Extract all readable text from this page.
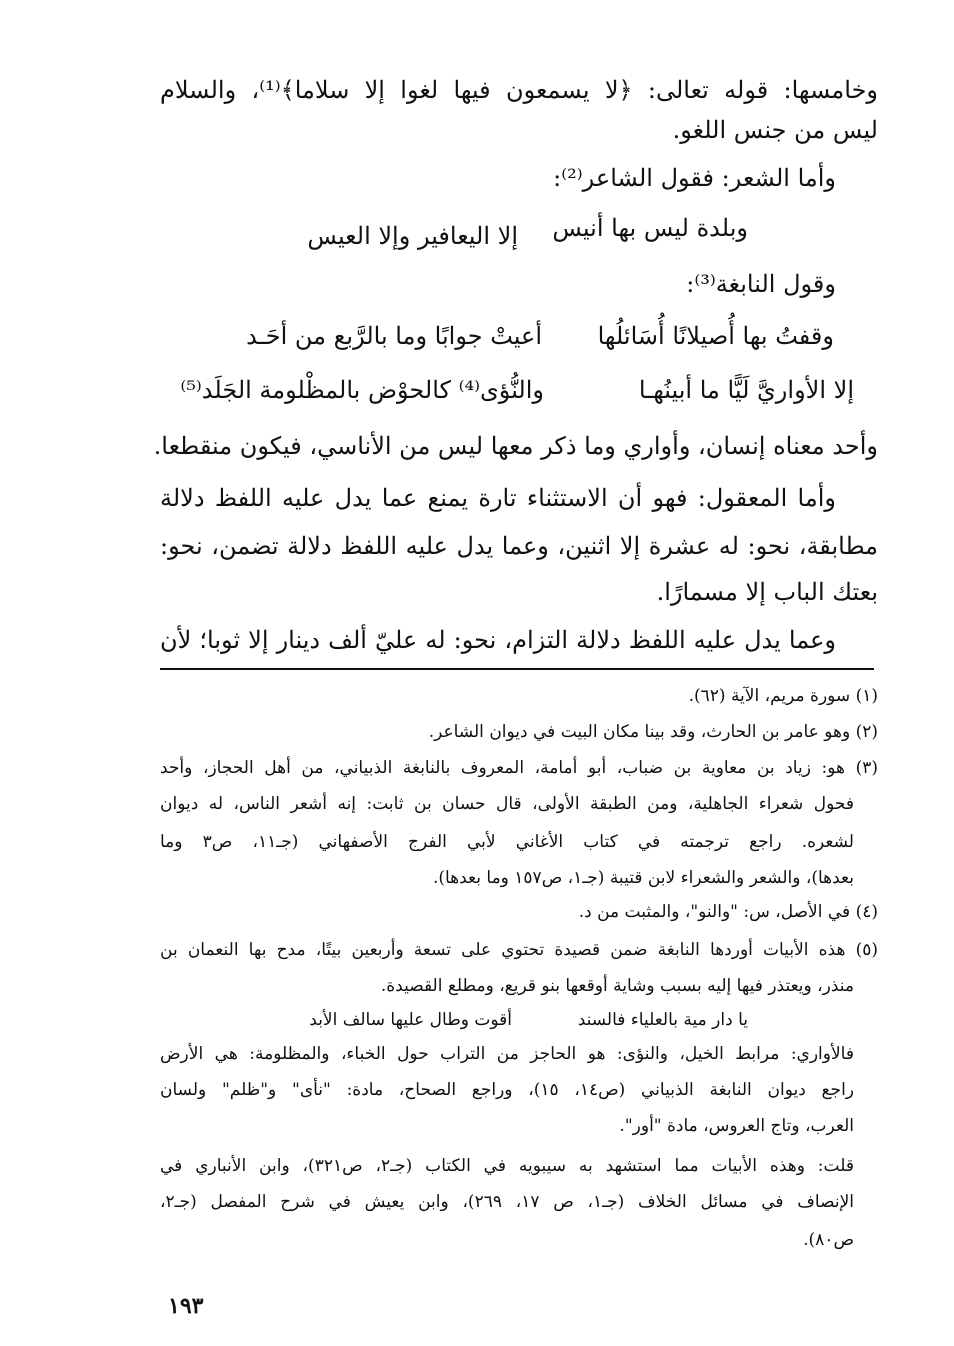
وخامسها: قوله تعالى: ﴿لا يسمعون فيها لغوا إلا سلاما﴾⁽¹⁾، والسلام
ليس من جنس اللغو.
وأما الشعر: فقول الشاعر⁽²⁾:
وبلدة ليس بها أنيس
إلا اليعافير وإلا العيس
وقول النابغة⁽³⁾:
وقفتُ بها أُصيلانًا أُسَائلُها
أعيتْ جوابًا وما بالرَّبع من أحَـد
إلا الأواريَّ لَيًّا ما أبينُهـا
والنُّؤى⁽⁴⁾ كالحوْض بالمظْلومة الجَلَد⁽⁵⁾
وأحد معناه إنسان، وأواري وما ذكر معها ليس من الأناسي، فيكون منقطعا.
وأما المعقول: فهو أن الاستثناء تارة يمنع عما يدل عليه اللفظ دلالة
مطابقة، نحو: له عشرة إلا اثنين، وعما يدل عليه اللفظ دلالة تضمن، نحو:
بعتك الباب إلا مسمارًا.
وعما يدل عليه اللفظ دلالة التزام، نحو: له عليّ ألف دينار إلا ثوبا؛ لأن
(١) سورة مريم، الآية (٦٢).
(٢) وهو عامر بن الحارث، وقد بينا مكان البيت في ديوان الشاعر.
(٣) هو: زياد بن معاوية بن ضباب، أبو أمامة، المعروف بالنابغة الذبياني، من أهل الحجاز، وأحد
فحول شعراء الجاهلية، ومن الطبقة الأولى، قال حسان بن ثابت: إنه أشعر الناس، له ديوان
لشعره. راجع ترجمته في كتاب الأغاني لأبي الفرج الأصفهاني (جـ١١، ص٣ وما
بعدها)، والشعر والشعراء لابن قتيبة (جـ١، ص١٥٧ وما بعدها).
(٤) في الأصل، س: "والنو"، والمثبت من د.
(٥) هذه الأبيات أوردها النابغة ضمن قصيدة تحتوي على تسعة وأربعين بيتًا، مدح بها النعمان بن
منذر، ويعتذر فيها إليه بسبب وشاية أوقعها بنو قريع، ومطلع القصيدة.
يا دار مية بالعلياء فالسند
أقوت وطال عليها سالف الأبد
فالأواري: مرابط الخيل، والنؤى: هو الحاجز من التراب حول الخباء، والمظلومة: هي الأرض
راجع ديوان النابغة الذبياني (ص١٤، ١٥)، وراجع الصحاح، مادة: "نأى" و"ظلم" ولسان
العرب، وتاج العروس، مادة "أور".
قلت: وهذه الأبيات مما استشهد به سيبويه في الكتاب (جـ٢، ص٣٢١)، وابن الأنباري في
الإنصاف في مسائل الخلاف (جـ١، ص ١٧، ٢٦٩)، وابن يعيش في شرح المفصل (جـ٢،
ص٨٠).
١٩٣
